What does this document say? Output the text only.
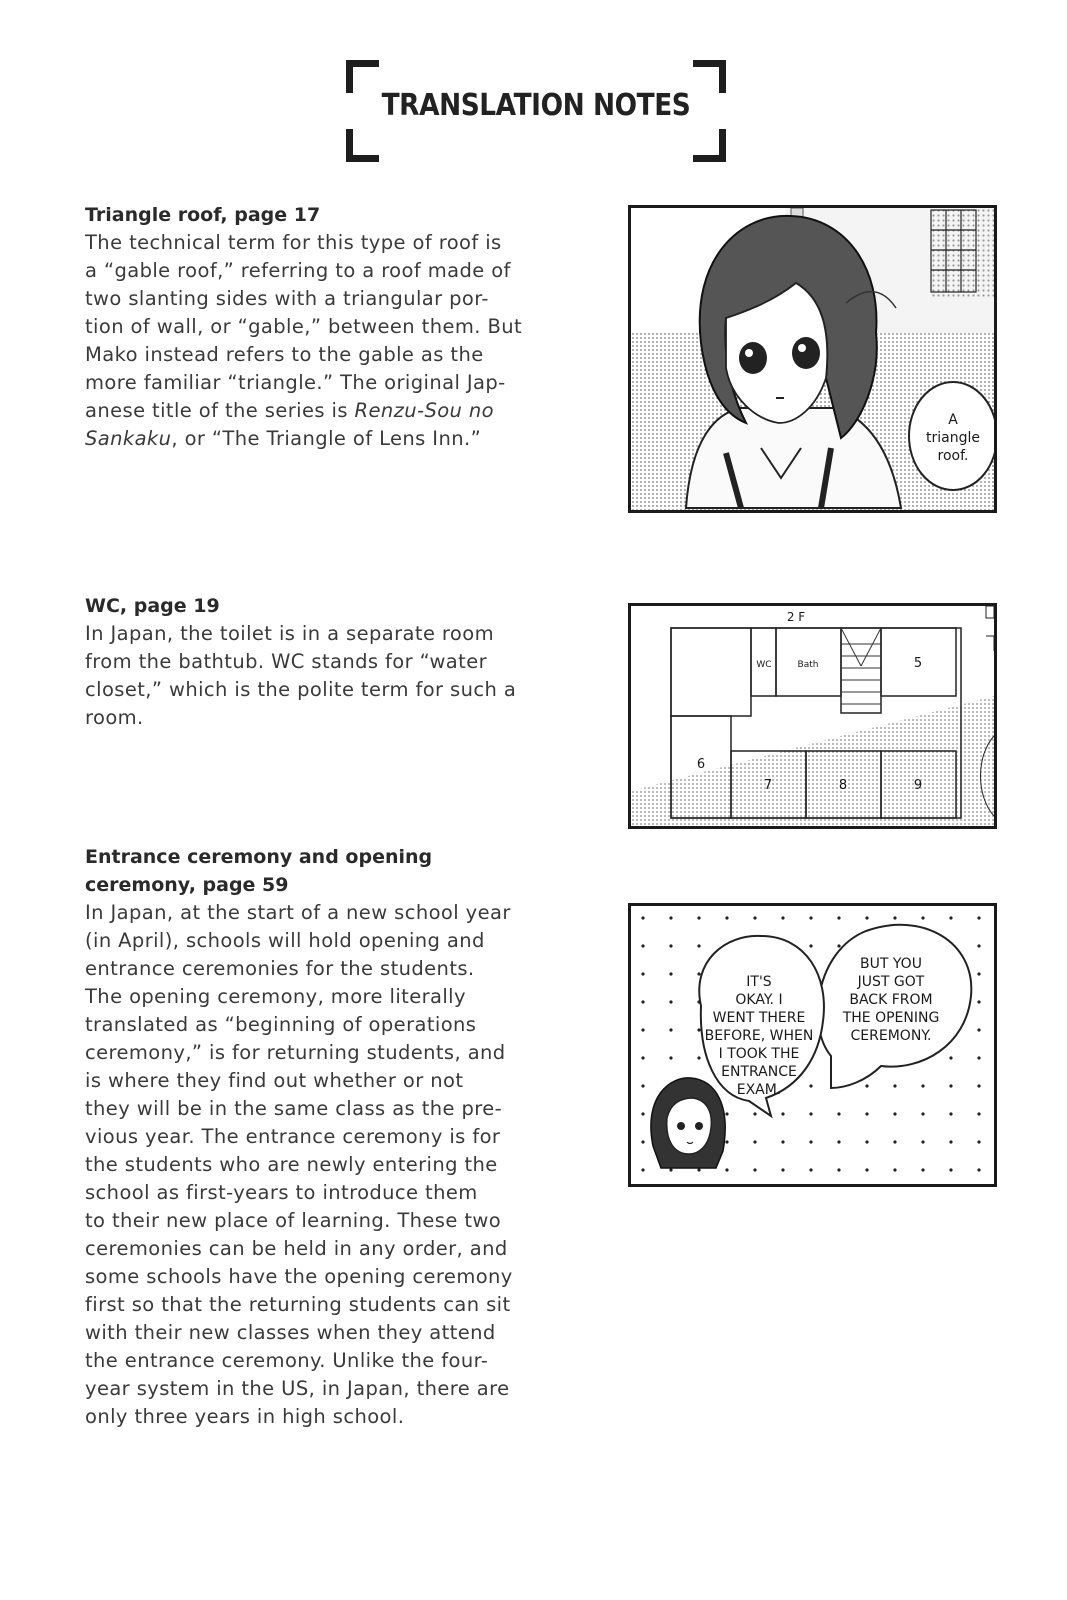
TRANSLATION NOTES

Triangle roof, page 17

The technical term for this type of roof is
a “gable roof,” referring to a roof made of
two slanting sides with a triangular por-
tion of wall, or “gable,” between them. But
Mako instead refers to the gable as the
more familiar “triangle.” The original Jap-
anese title of the series is Renzu-Sou no
Sankaku, or “The Triangle of Lens Inn.”

WC, page 19

In Japan, the toilet is in a separate room
from the bathtub. WC stands for “water
closet,” which is the polite term for such a
room.

Entrance ceremony and opening
ceremony, page 59

In Japan, at the start of a new school year
(in April), schools will hold opening and
entrance ceremonies for the students.
The opening ceremony, more literally
translated as “beginning of operations
ceremony,” is for returning students, and
is where they find out whether or not
they will be in the same class as the pre-
vious year. The entrance ceremony is for
the students who are newly entering the
school as first-years to introduce them
to their new place of learning. These two
ceremonies can be held in any order, and
some schools have the opening ceremony
first so that the returning students can sit
with their new classes when they attend
the entrance ceremony. Unlike the four-
year system in the US, in Japan, there are
only three years in high school.

A
triangle
roof.
2 F
WC	Bath	5
6
7	8	9
IT'S
OKAY. I
WENT THERE
BEFORE, WHEN
I TOOK THE
ENTRANCE
EXAM.
BUT YOU
JUST GOT
BACK FROM
THE OPENING
CEREMONY.
